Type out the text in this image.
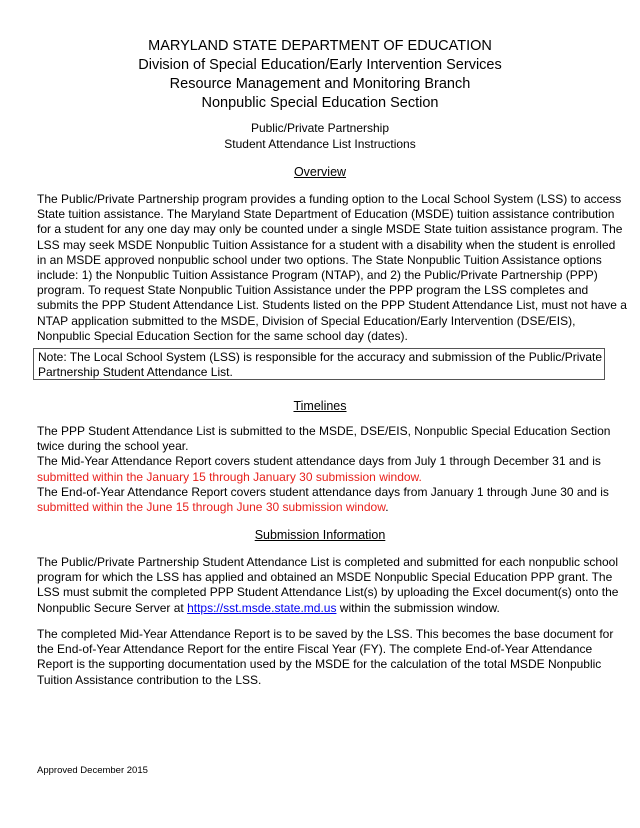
MARYLAND STATE DEPARTMENT OF EDUCATION
Division of Special Education/Early Intervention Services
Resource Management and Monitoring Branch
Nonpublic Special Education Section
Public/Private Partnership
Student Attendance List Instructions
Overview
The Public/Private Partnership program provides a funding option to the Local School System (LSS) to access
State tuition assistance. The Maryland State Department of Education (MSDE) tuition assistance contribution
for a student for any one day may only be counted under a single MSDE State tuition assistance program. The
LSS may seek MSDE Nonpublic Tuition Assistance for a student with a disability when the student is enrolled
in an MSDE approved nonpublic school under two options. The State Nonpublic Tuition Assistance options
include: 1) the Nonpublic Tuition Assistance Program (NTAP), and 2) the Public/Private Partnership (PPP)
program. To request State Nonpublic Tuition Assistance under the PPP program the LSS completes and
submits the PPP Student Attendance List. Students listed on the PPP Student Attendance List, must not have a
NTAP application submitted to the MSDE, Division of Special Education/Early Intervention (DSE/EIS),
Nonpublic Special Education Section for the same school day (dates).
Note: The Local School System (LSS) is responsible for the accuracy and submission of the Public/Private
Partnership Student Attendance List.
Timelines
The PPP Student Attendance List is submitted to the MSDE, DSE/EIS, Nonpublic Special Education Section
twice during the school year.
The Mid-Year Attendance Report covers student attendance days from July 1 through December 31 and is
submitted within the January 15 through January 30 submission window.
The End-of-Year Attendance Report covers student attendance days from January 1 through June 30 and is
submitted within the June 15 through June 30 submission window.
Submission Information
The Public/Private Partnership Student Attendance List is completed and submitted for each nonpublic school
program for which the LSS has applied and obtained an MSDE Nonpublic Special Education PPP grant. The
LSS must submit the completed PPP Student Attendance List(s) by uploading the Excel document(s) onto the
Nonpublic Secure Server at https://sst.msde.state.md.us within the submission window.
The completed Mid-Year Attendance Report is to be saved by the LSS. This becomes the base document for
the End-of-Year Attendance Report for the entire Fiscal Year (FY). The complete End-of-Year Attendance
Report is the supporting documentation used by the MSDE for the calculation of the total MSDE Nonpublic
Tuition Assistance contribution to the LSS.
Approved December 2015
